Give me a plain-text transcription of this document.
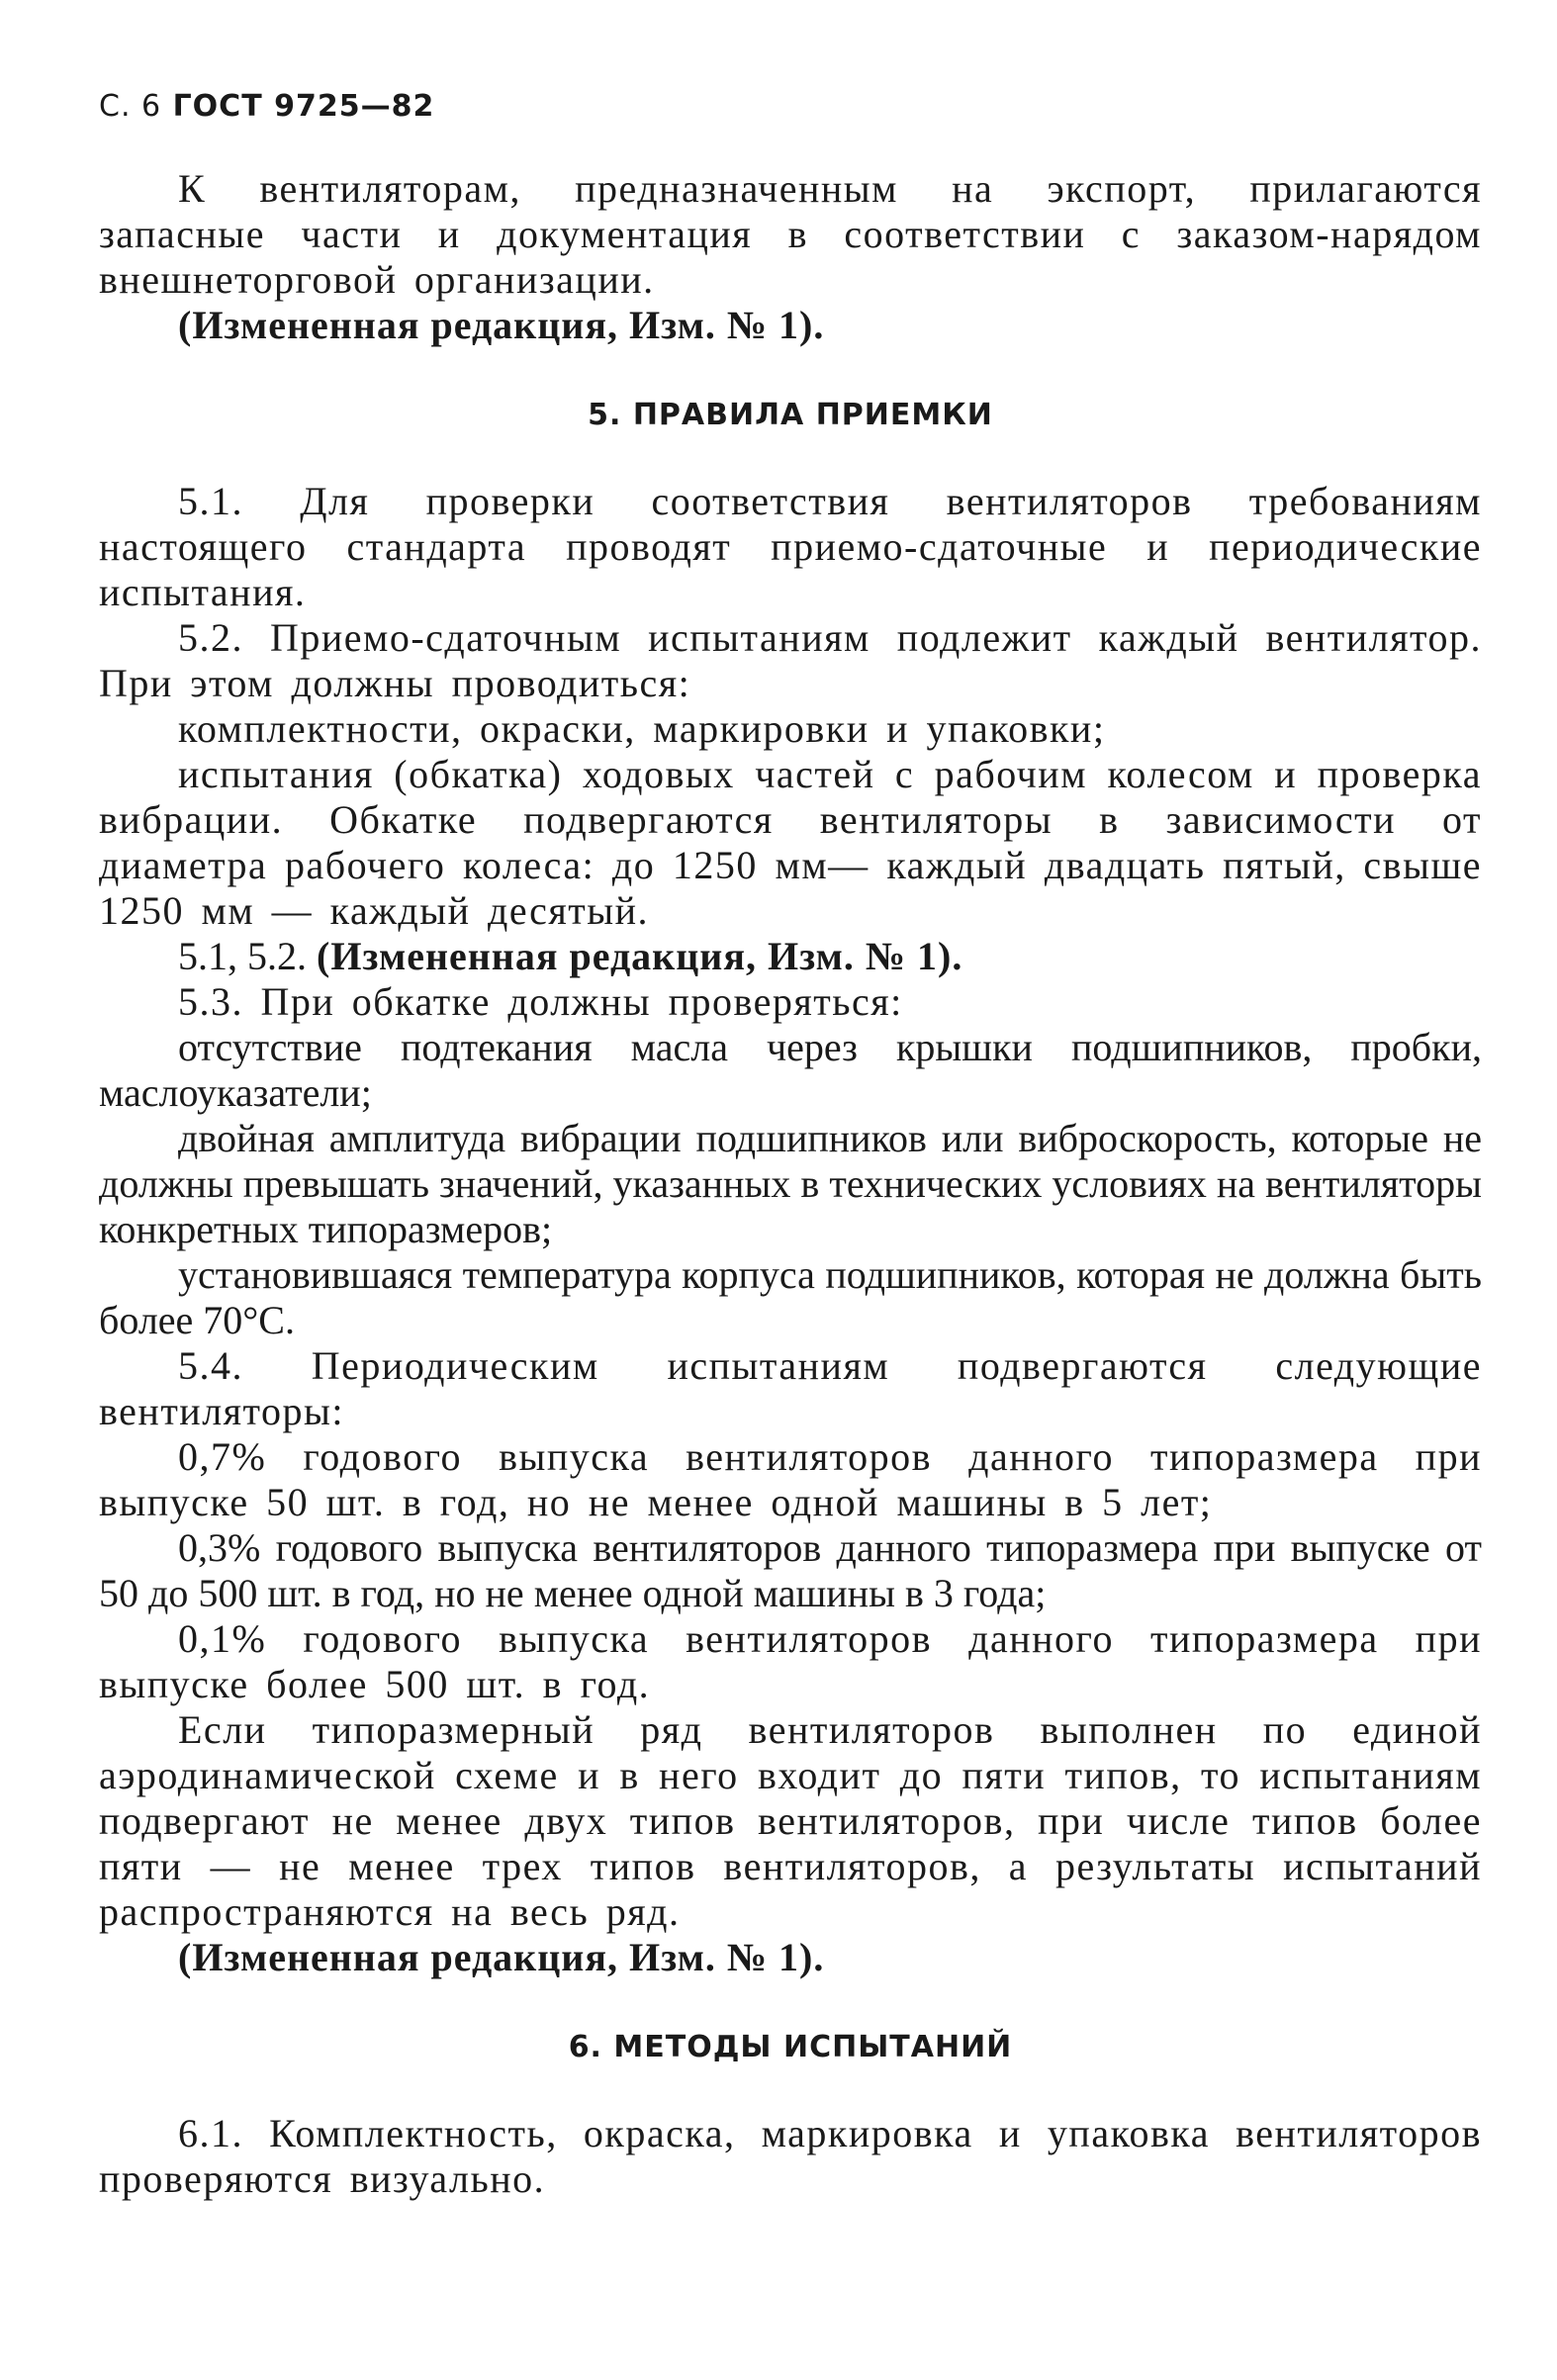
С. 6 ГОСТ 9725—82

К вентиляторам, предназначенным на экспорт, прилагаются запасные части и документация в соответствии с заказом-нарядом внешнеторговой организации.

(Измененная редакция, Изм. № 1).

5. ПРАВИЛА ПРИЕМКИ

5.1. Для проверки соответствия вентиляторов требованиям настоящего стандарта проводят приемо-сдаточные и периодические испытания.

5.2. Приемо-сдаточным испытаниям подлежит каждый вентилятор. При этом должны проводиться:

комплектности, окраски, маркировки и упаковки;

испытания (обкатка) ходовых частей с рабочим колесом и проверка вибрации. Обкатке подвергаются вентиляторы в зависимости от диаметра рабочего колеса: до 1250 мм— каждый двадцать пятый, свыше 1250 мм — каждый десятый.

5.1, 5.2. (Измененная редакция, Изм. № 1).

5.3. При обкатке должны проверяться:

отсутствие подтекания масла через крышки подшипников, пробки, маслоуказатели;

двойная амплитуда вибрации подшипников или виброскорость, которые не должны превышать значений, указанных в технических условиях на вентиляторы конкретных типоразмеров;

установившаяся температура корпуса подшипников, которая не должна быть более 70°С.

5.4. Периодическим испытаниям подвергаются следующие вентиляторы:

0,7% годового выпуска вентиляторов данного типоразмера при выпуске 50 шт. в год, но не менее одной машины в 5 лет;

0,3% годового выпуска вентиляторов данного типоразмера при выпуске от 50 до 500 шт. в год, но не менее одной машины в 3 года;

0,1% годового выпуска вентиляторов данного типоразмера при выпуске более 500 шт. в год.

Если типоразмерный ряд вентиляторов выполнен по единой аэродинамической схеме и в него входит до пяти типов, то испытаниям подвергают не менее двух типов вентиляторов, при числе типов более пяти — не менее трех типов вентиляторов, а результаты испытаний распространяются на весь ряд.

(Измененная редакция, Изм. № 1).

6. МЕТОДЫ ИСПЫТАНИЙ

6.1. Комплектность, окраска, маркировка и упаковка вентиляторов проверяются визуально.
